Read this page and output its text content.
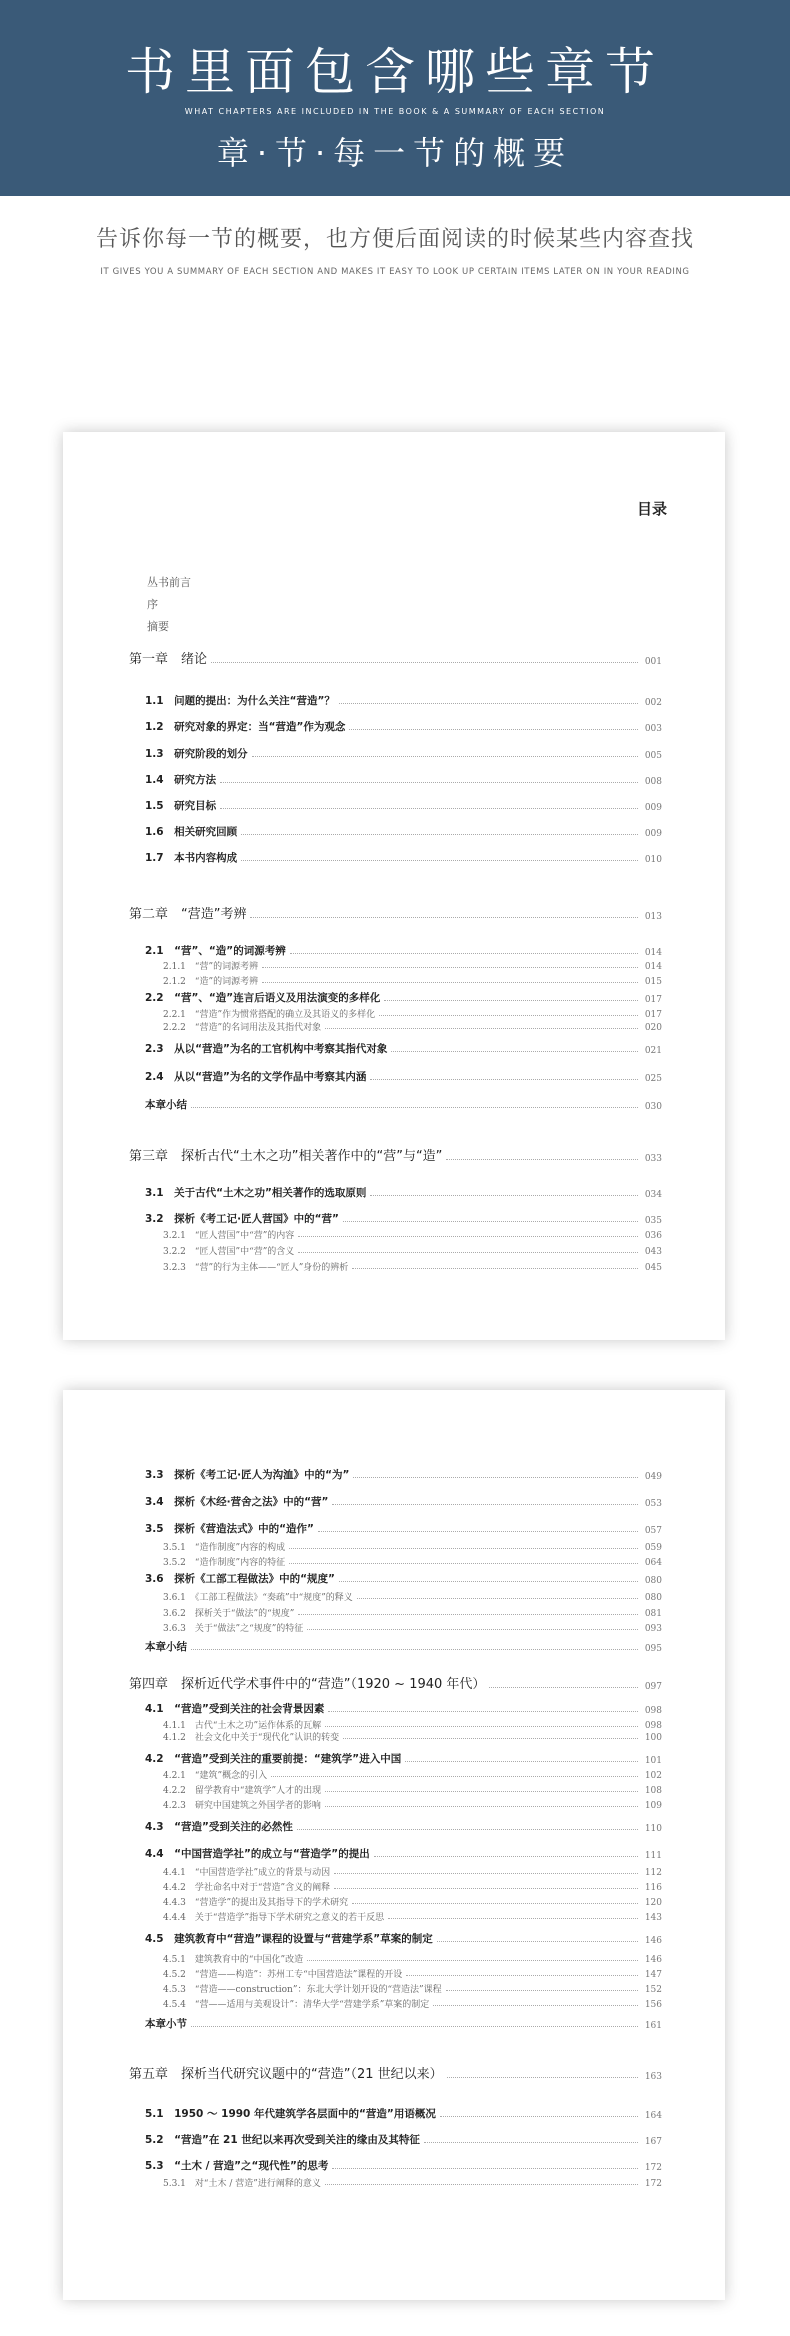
书里面包含哪些章节
WHAT CHAPTERS ARE INCLUDED IN THE BOOK & A SUMMARY OF EACH SECTION
章·节·每一节的概要
告诉你每一节的概要，也方便后面阅读的时候某些内容查找
IT GIVES YOU A SUMMARY OF EACH SECTION AND MAKES IT EASY TO LOOK UP CERTAIN ITEMS LATER ON IN YOUR READING
目录
丛书前言
序
摘要
第一章　绪论	001
1.1　问题的提出：为什么关注“营造”？	002
1.2　研究对象的界定：当“营造”作为观念	003
1.3　研究阶段的划分	005
1.4　研究方法	008
1.5　研究目标	009
1.6　相关研究回顾	009
1.7　本书内容构成	010
第二章　“营造”考辨	013
2.1　“营”、“造”的词源考辨	014
2.1.1　“营”的词源考辨	014
2.1.2　“造”的词源考辨	015
2.2　“营”、“造”连言后语义及用法演变的多样化	017
2.2.1　“营造”作为惯常搭配的确立及其语义的多样化	017
2.2.2　“营造”的名词用法及其指代对象	020
2.3　从以“营造”为名的工官机构中考察其指代对象	021
2.4　从以“营造”为名的文学作品中考察其内涵	025
本章小结	030
第三章　探析古代“土木之功”相关著作中的“营”与“造”	033
3.1　关于古代“土木之功”相关著作的选取原则	034
3.2　探析《考工记·匠人营国》中的“营”	035
3.2.1　“匠人营国”中“营”的内容	036
3.2.2　“匠人营国”中“营”的含义	043
3.2.3　“营”的行为主体——“匠人”身份的辨析	045
3.3　探析《考工记·匠人为沟洫》中的“为”	049
3.4　探析《木经·营舍之法》中的“营”	053
3.5　探析《营造法式》中的“造作”	057
3.5.1　“造作制度”内容的构成	059
3.5.2　“造作制度”内容的特征	064
3.6　探析《工部工程做法》中的“规度”	080
3.6.1　《工部工程做法》“奏疏”中“规度”的释义	080
3.6.2　探析关于“做法”的“规度”	081
3.6.3　关于“做法”之“规度”的特征	093
本章小结	095
第四章　探析近代学术事件中的“营造”（1920 ~ 1940 年代）	097
4.1　“营造”受到关注的社会背景因素	098
4.1.1　古代“土木之功”运作体系的瓦解	098
4.1.2　社会文化中关于“现代化”认识的转变	100
4.2　“营造”受到关注的重要前提：“建筑学”进入中国	101
4.2.1　“建筑”概念的引入	102
4.2.2　留学教育中“建筑学”人才的出现	108
4.2.3　研究中国建筑之外国学者的影响	109
4.3　“营造”受到关注的必然性	110
4.4　“中国营造学社”的成立与“营造学”的提出	111
4.4.1　“中国营造学社”成立的背景与动因	112
4.4.2　学社命名中对于“营造”含义的阐释	116
4.4.3　“营造学”的提出及其指导下的学术研究	120
4.4.4　关于“营造学”指导下学术研究之意义的若干反思	143
4.5　建筑教育中“营造”课程的设置与“营建学系”草案的制定	146
4.5.1　建筑教育中的“中国化”改造	146
4.5.2　“营造——构造”：苏州工专“中国营造法”课程的开设	147
4.5.3　“营造——construction”：东北大学计划开设的“营造法”课程	152
4.5.4　“营——适用与美观设计”：清华大学“营建学系”草案的制定	156
本章小节	161
第五章　探析当代研究议题中的“营造”（21 世纪以来）	163
5.1　1950 ～ 1990 年代建筑学各层面中的“营造”用语概况	164
5.2　“营造”在 21 世纪以来再次受到关注的缘由及其特征	167
5.3　“土木 / 营造”之“现代性”的思考	172
5.3.1　对“土木 / 营造”进行阐释的意义	172
